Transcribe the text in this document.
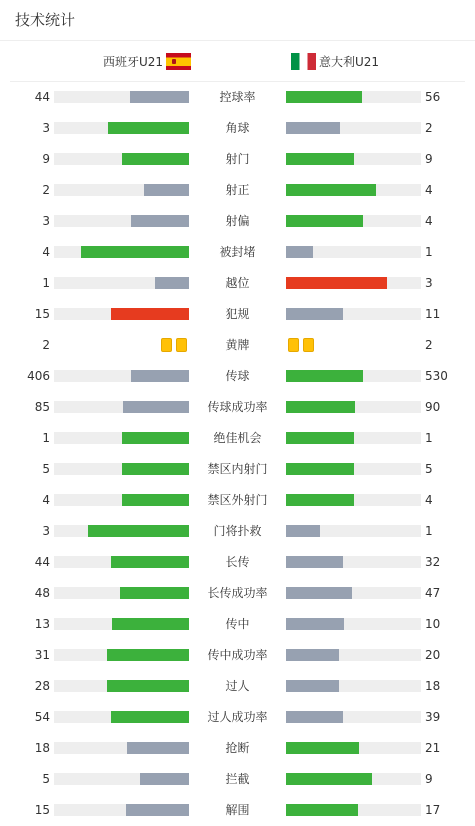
技术统计
西班牙U21	意大利U21
44	控球率	56
3	角球	2
9	射门	9
2	射正	4
3	射偏	4
4	被封堵	1
1	越位	3
15	犯规	11
2	黄牌	2
406	传球	530
85	传球成功率	90
1	绝佳机会	1
5	禁区内射门	5
4	禁区外射门	4
3	门将扑救	1
44	长传	32
48	长传成功率	47
13	传中	10
31	传中成功率	20
28	过人	18
54	过人成功率	39
18	抢断	21
5	拦截	9
15	解围	17
